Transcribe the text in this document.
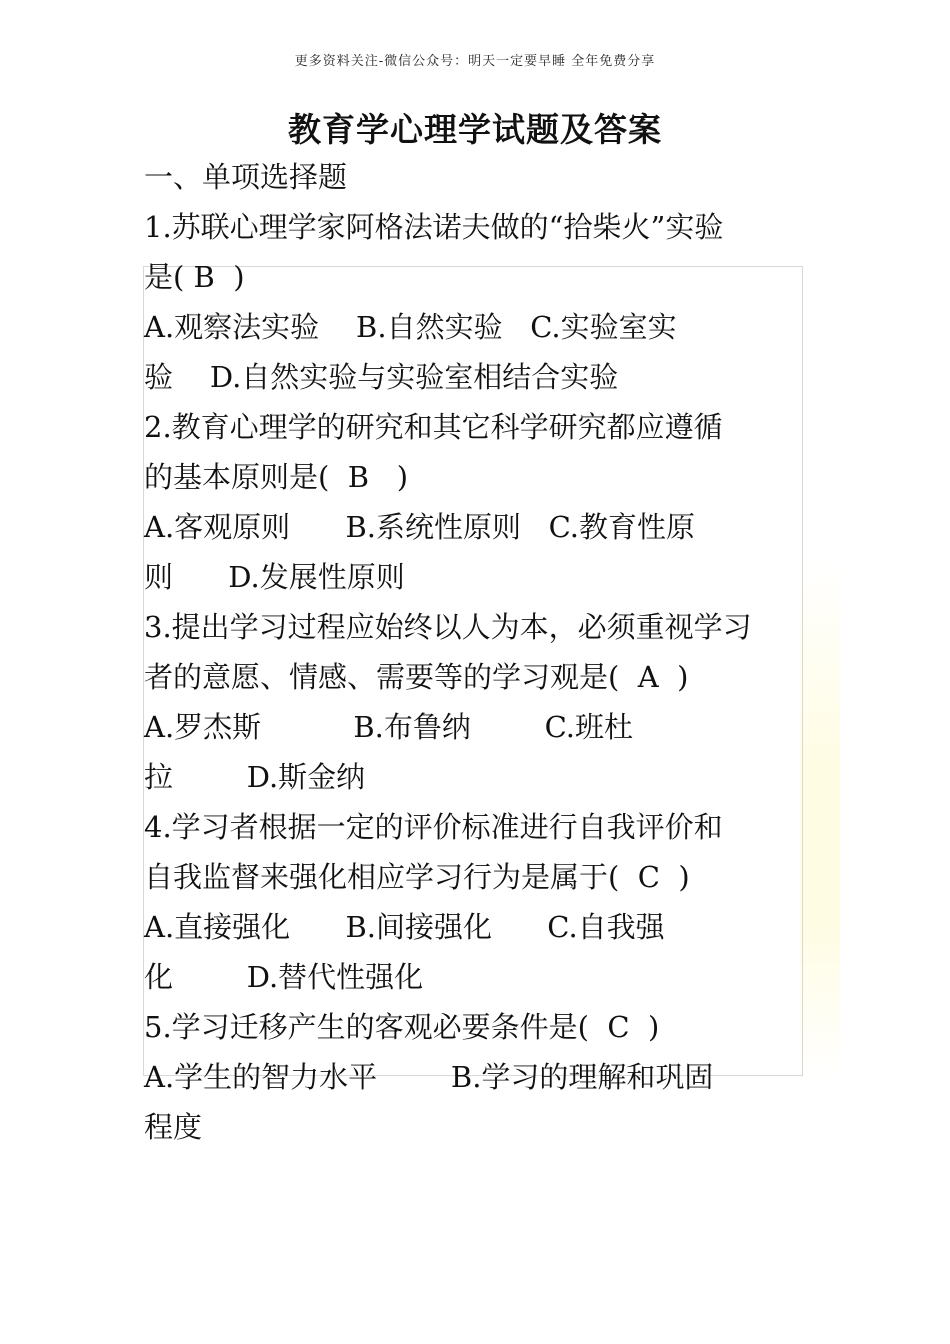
更多资料关注-微信公众号：明天一定要早睡 全年免费分享
教育学心理学试题及答案
一、单项选择题
1.苏联心理学家阿格法诺夫做的“拾柴火”实验
是( B  )
A.观察法实验    B.自然实验   C.实验室实
验    D.自然实验与实验室相结合实验
2.教育心理学的研究和其它科学研究都应遵循
的基本原则是(  B   )
A.客观原则      B.系统性原则   C.教育性原
则      D.发展性原则
3.提出学习过程应始终以人为本，必须重视学习
者的意愿、情感、需要等的学习观是(  A  )
A.罗杰斯          B.布鲁纳        C.班杜
拉        D.斯金纳
4.学习者根据一定的评价标准进行自我评价和
自我监督来强化相应学习行为是属于(  C  )
A.直接强化      B.间接强化      C.自我强
化        D.替代性强化
5.学习迁移产生的客观必要条件是(  C  )
A.学生的智力水平        B.学习的理解和巩固
程度
